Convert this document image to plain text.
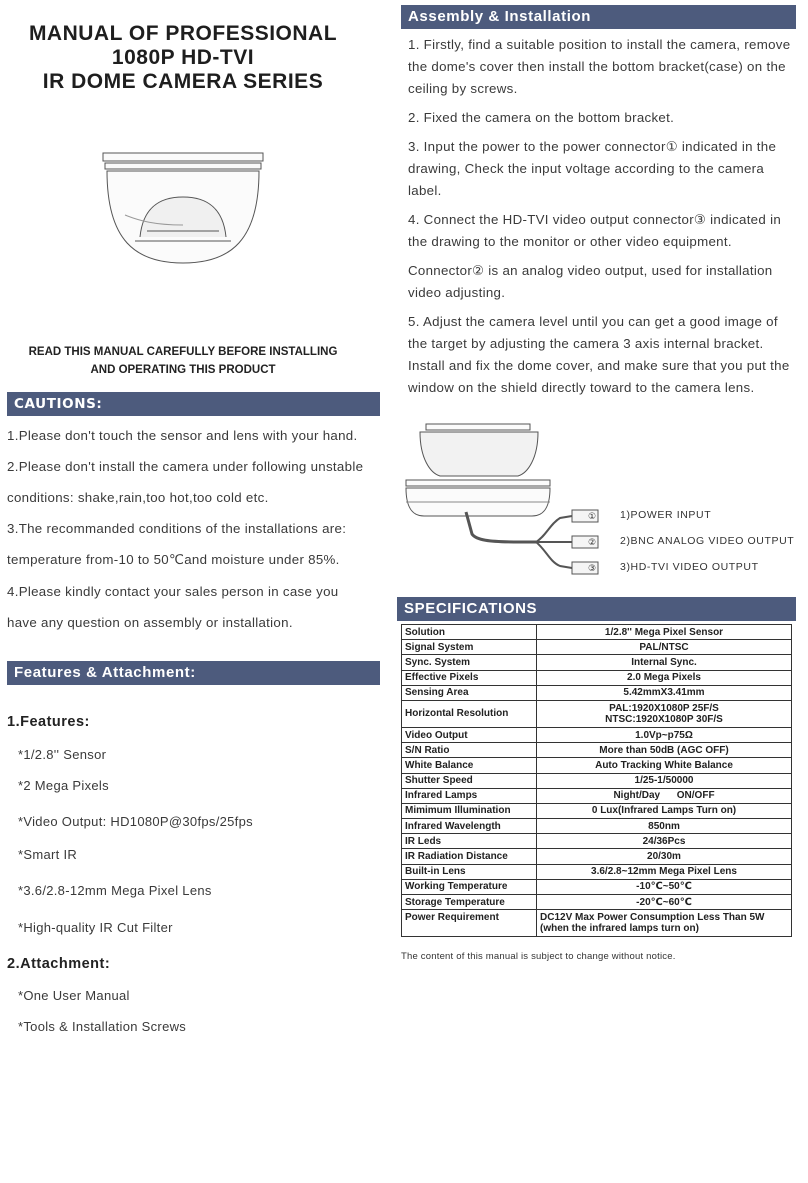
MANUAL OF PROFESSIONAL
1080P HD-TVI
IR DOME CAMERA SERIES
READ THIS MANUAL CAREFULLY BEFORE INSTALLING
AND OPERATING THIS PRODUCT
CAUTIONS:
1.Please don't touch the sensor and lens with your hand.
2.Please don't install the camera under following unstable
conditions: shake,rain,too hot,too cold etc.
3.The recommanded conditions of the installations are:
temperature from-10 to 50℃and moisture under 85%.
4.Please kindly contact your sales person in case you
have any question on assembly or installation.
Features & Attachment:
1.Features:
*1/2.8'' Sensor
*2 Mega Pixels
*Video Output: HD1080P@30fps/25fps
*Smart IR
*3.6/2.8-12mm Mega Pixel Lens
*High-quality IR Cut Filter
2.Attachment:
*One User Manual
*Tools & Installation Screws
Assembly & Installation
1. Firstly, find a suitable position to install the camera, remove
the dome's cover then install the bottom bracket(case) on the
ceiling by screws.
2. Fixed the camera on the bottom bracket.
3. Input the power to the power connector① indicated in the
drawing, Check the input voltage according to the camera
label.
4. Connect the HD-TVI video output connector③ indicated in
the drawing to the monitor or other video equipment.
Connector② is an analog video output, used for installation
video adjusting.
5. Adjust the camera level until you can get a good image of
the target by adjusting the camera 3 axis internal bracket.
Install and fix the dome cover, and make sure that you put the
window on the shield directly toward to the camera lens.
①
②
③
1)POWER INPUT
2)BNC ANALOG VIDEO OUTPUT
3)HD-TVI VIDEO OUTPUT
SPECIFICATIONS
Solution	1/2.8'' Mega Pixel Sensor
Signal System	PAL/NTSC
Sync. System	Internal Sync.
Effective Pixels	2.0 Mega Pixels
Sensing Area	5.42mmX3.41mm
Horizontal Resolution	PAL:1920X1080P 25F/S
NTSC:1920X1080P 30F/S

Video Output	1.0Vp~p75Ω
S/N Ratio	More than 50dB (AGC OFF)
White Balance	Auto Tracking White Balance
Shutter Speed	1/25-1/50000
Infrared Lamps	Night/Day      ON/OFF
Mimimum Illumination	0 Lux(Infrared Lamps Turn on)
Infrared Wavelength	850nm
IR Leds	24/36Pcs
IR Radiation Distance	20/30m
Built-in Lens	3.6/2.8~12mm Mega Pixel Lens
Working Temperature	-10℃~50℃
Storage Temperature	-20℃~60℃
Power Requirement	DC12V Max Power Consumption Less Than 5W
(when the infrared lamps turn on)
The content of this manual is subject to change without notice.
